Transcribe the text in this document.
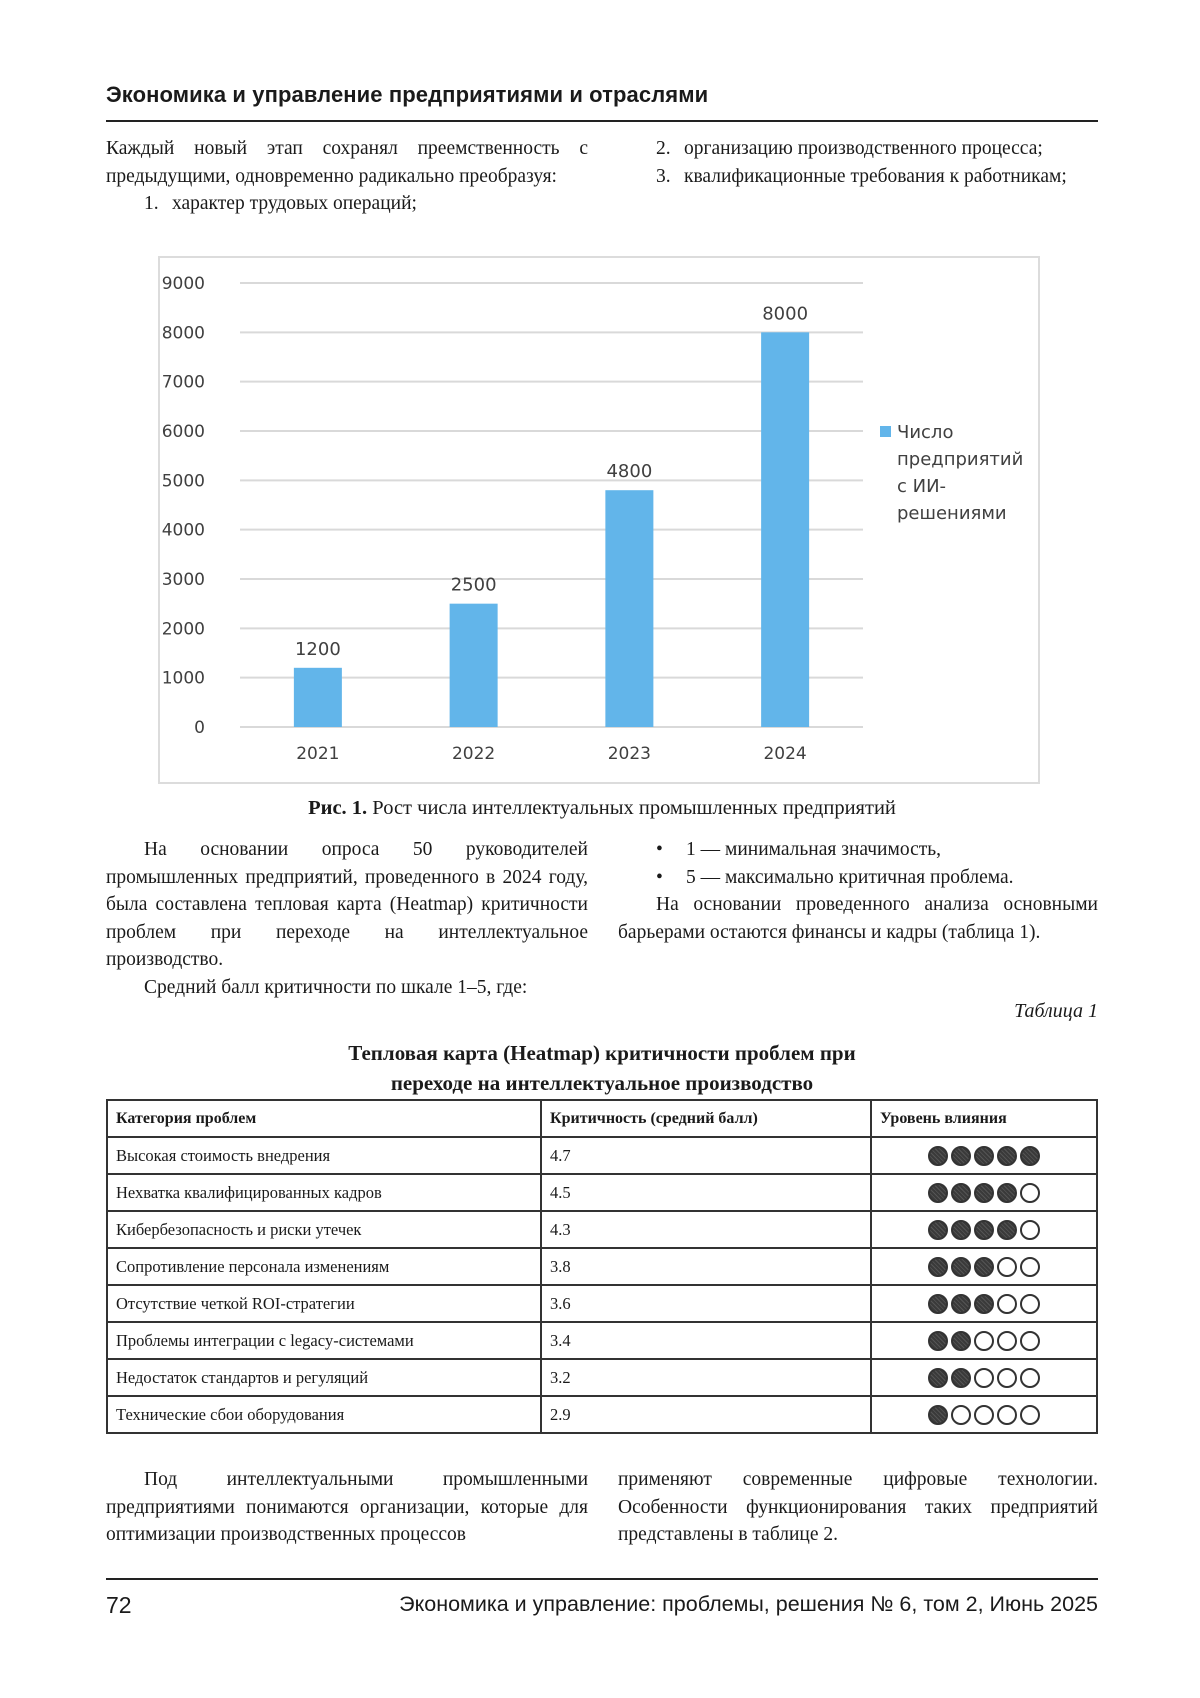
Экономика и управление предприятиями и отраслями

Каждый новый этап сохранял преемственность с предыдущими, одновременно радикально преобразуя:

1. характер трудовых операций;

2. организацию производственного процесса;

3. квалификационные требования к работникам;

0
1000
2000
3000
4000
5000
6000
7000
8000
9000
1200
2021
2500
2022
4800
2023
8000
2024
Число
предприятий
с ИИ-
решениями
Рис. 1. Рост числа интеллектуальных промышленных предприятий

На основании опроса 50 руководителей промышленных предприятий, проведенного в 2024 году, была составлена тепловая карта (Heatmap) критичности проблем при переходе на интеллектуальное производство.

Средний балл критичности по шкале 1–5, где:

• 1 — минимальная значимость,

• 5 — максимально критичная проблема.

На основании проведенного анализа основными барьерами остаются финансы и кадры (таблица 1).

Таблица 1
Тепловая карта (Heatmap) критичности проблем при
переходе на интеллектуальное производство
Категория проблем	Критичность (средний балл)	Уровень влияния
Высокая стоимость внедрения	4.7	

Нехватка квалифицированных кадров	4.5	

Кибербезопасность и риски утечек	4.3	

Сопротивление персонала изменениям	3.8	

Отсутствие четкой ROI-стратегии	3.6	

Проблемы интеграции с legacy-системами	3.4	

Недостаток стандартов и регуляций	3.2	

Технические сбои оборудования	2.9	

Под интеллектуальными промышленными предприятиями понимаются организации, которые для оптимизации производственных процессов

применяют современные цифровые технологии. Особенности функционирования таких предприятий представлены в таблице 2.

72	Экономика и управление: проблемы, решения № 6, том 2, Июнь 2025
